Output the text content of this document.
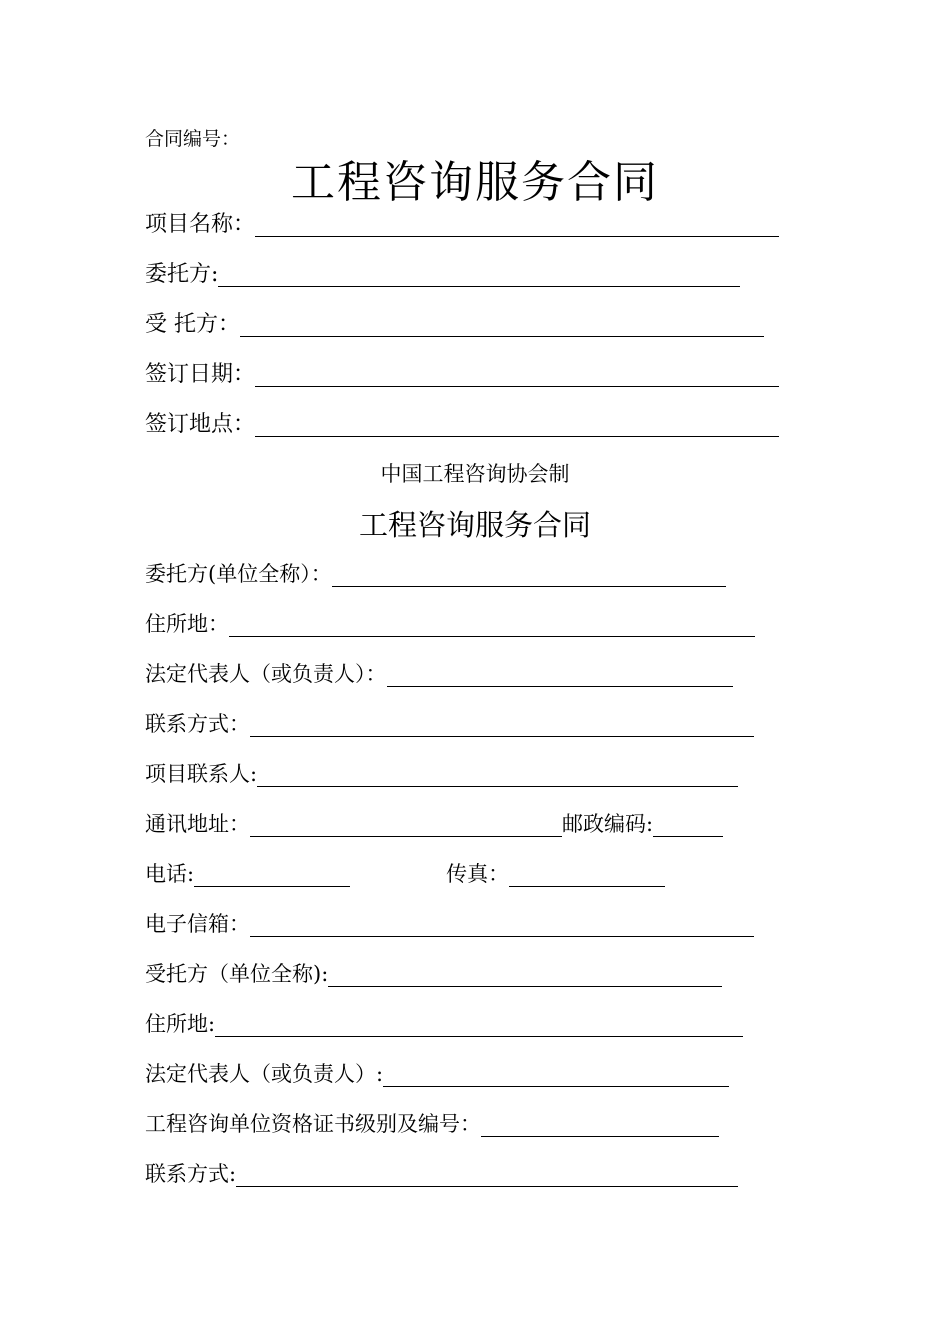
合同编号：
工程咨询服务合同
项目名称：
委托方:
受 托方：
签订日期：
签订地点：
中国工程咨询协会制
工程咨询服务合同
委托方(单位全称）：
住所地：
法定代表人（或负责人）：
联系方式：
项目联系人:
通讯地址：	邮政编码:
电话:	传真：
电子信箱：
受托方（单位全称):
住所地:
法定代表人（或负责人）:
工程咨询单位资格证书级别及编号：
联系方式:
